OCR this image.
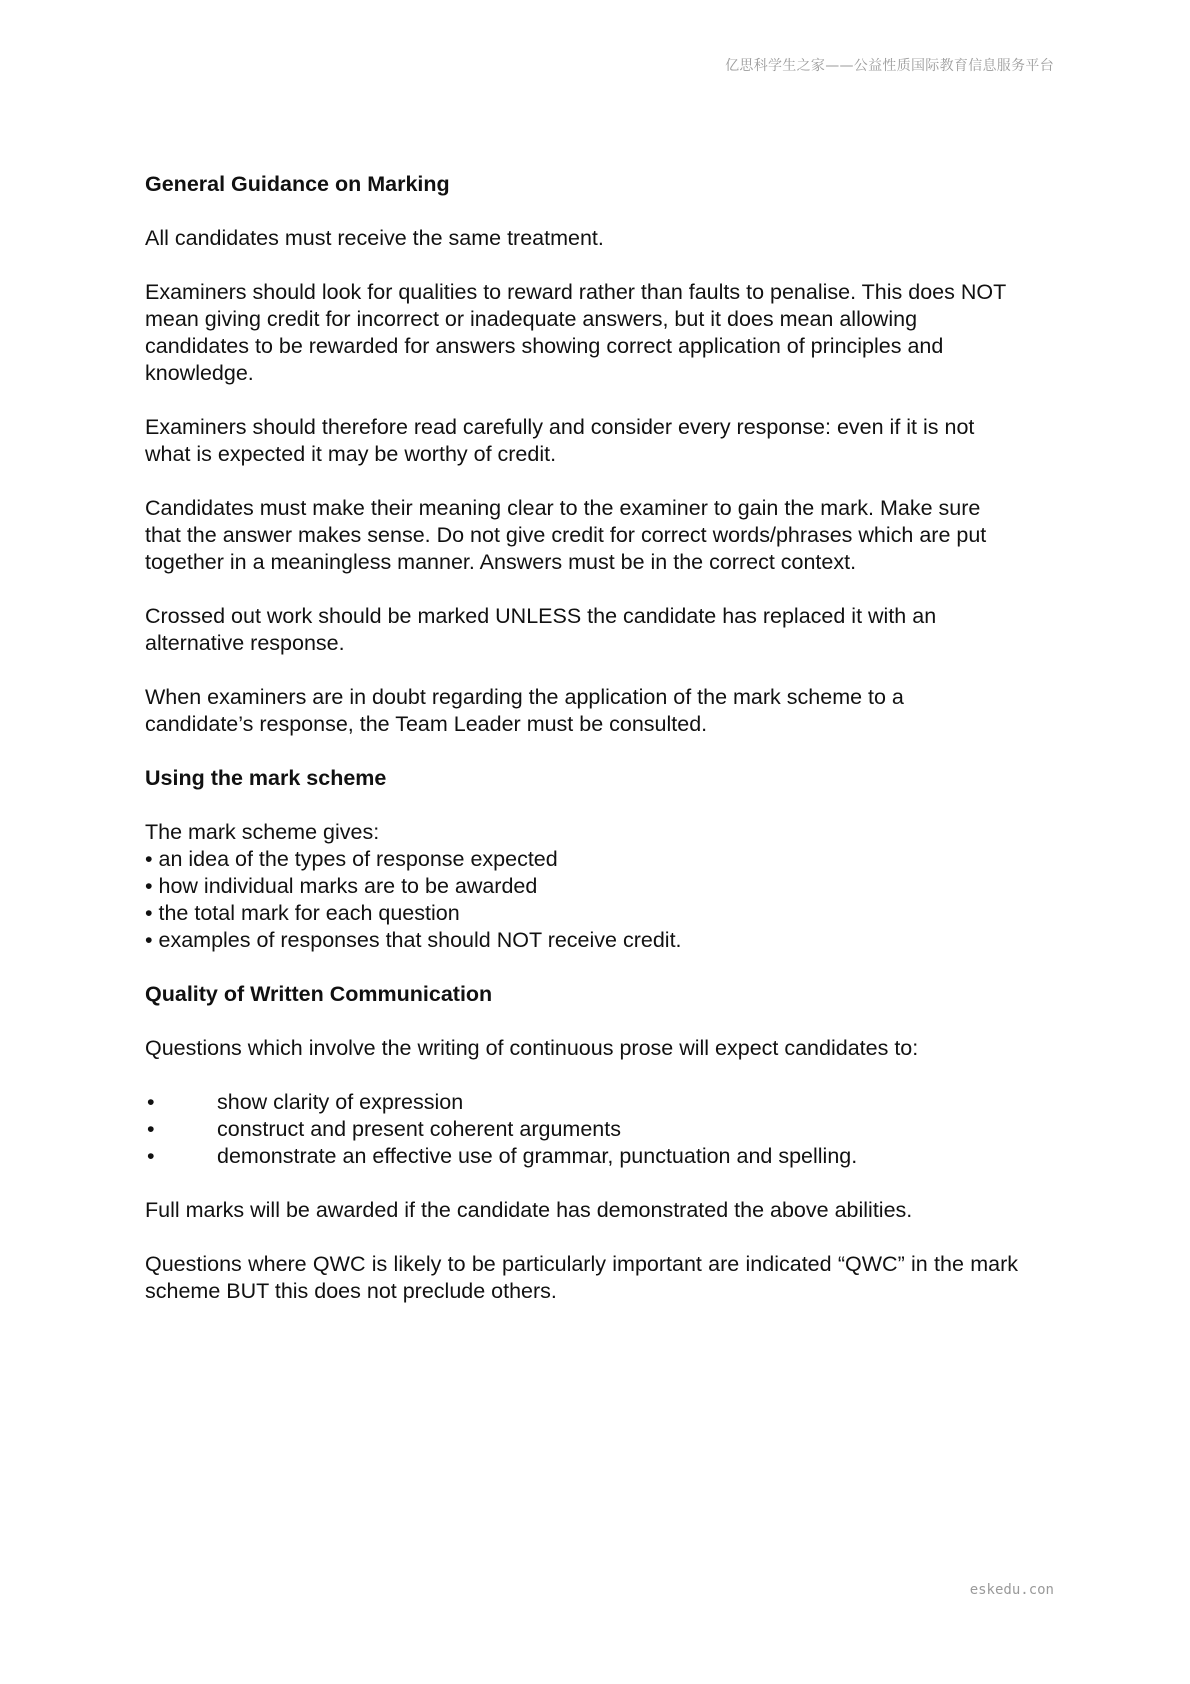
亿思科学生之家——公益性质国际教育信息服务平台
General Guidance on Marking

All candidates must receive the same treatment.

Examiners should look for qualities to reward rather than faults to penalise. This does NOT mean giving credit for incorrect or inadequate answers, but it does mean allowing candidates to be rewarded for answers showing correct application of principles and knowledge.

Examiners should therefore read carefully and consider every response: even if it is not what is expected it may be worthy of credit.

Candidates must make their meaning clear to the examiner to gain the mark. Make sure that the answer makes sense. Do not give credit for correct words/phrases which are put together in a meaningless manner. Answers must be in the correct context.

Crossed out work should be marked UNLESS the candidate has replaced it with an alternative response.

When examiners are in doubt regarding the application of the mark scheme to a candidate’s response, the Team Leader must be consulted.

Using the mark scheme
The mark scheme gives:
• an idea of the types of response expected
• how individual marks are to be awarded
• the total mark for each question
• examples of responses that should NOT receive credit.
Quality of Written Communication

Questions which involve the writing of continuous prose will expect candidates to:

•	show clarity of expression
•	construct and present coherent arguments
•	demonstrate an effective use of grammar, punctuation and spelling.

Full marks will be awarded if the candidate has demonstrated the above abilities.

Questions where QWC is likely to be particularly important are indicated “QWC” in the mark scheme BUT this does not preclude others.

eskedu.con
